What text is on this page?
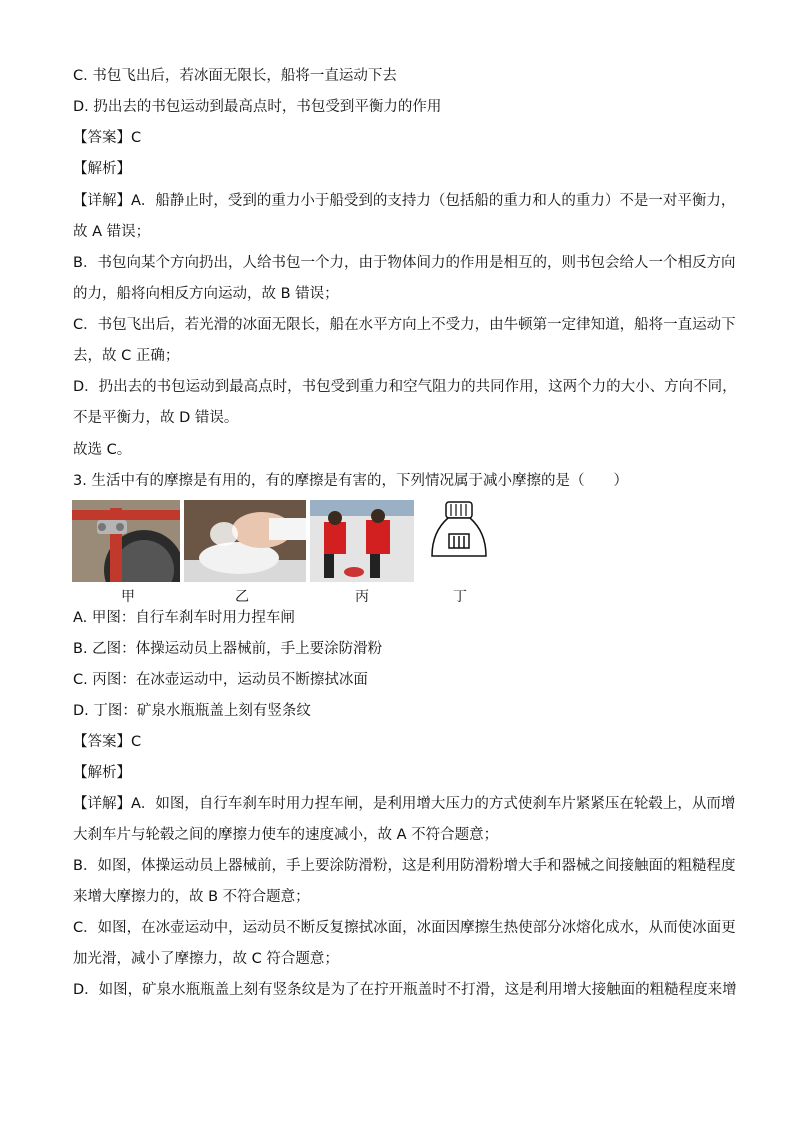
C. 书包飞出后，若冰面无限长，船将一直运动下去
D. 扔出去的书包运动到最高点时，书包受到平衡力的作用
【答案】C
【解析】
【详解】A．船静止时，受到的重力小于船受到的支持力（包括船的重力和人的重力）不是一对平衡力，
故 A 错误；
B．书包向某个方向扔出，人给书包一个力，由于物体间力的作用是相互的，则书包会给人一个相反方向
的力，船将向相反方向运动，故 B 错误；
C．书包飞出后，若光滑的冰面无限长，船在水平方向上不受力，由牛顿第一定律知道，船将一直运动下
去，故 C 正确；
D．扔出去的书包运动到最高点时，书包受到重力和空气阻力的共同作用，这两个力的大小、方向不同，
不是平衡力，故 D 错误。
故选 C。
3. 生活中有的摩擦是有用的，有的摩擦是有害的，下列情况属于减小摩擦的是（　　）
甲	乙	丙	丁
A. 甲图：自行车刹车时用力捏车闸
B. 乙图：体操运动员上器械前，手上要涂防滑粉
C. 丙图：在冰壶运动中，运动员不断擦拭冰面
D. 丁图：矿泉水瓶瓶盖上刻有竖条纹
【答案】C
【解析】
【详解】A．如图，自行车刹车时用力捏车闸，是利用增大压力的方式使刹车片紧紧压在轮毂上，从而增
大刹车片与轮毂之间的摩擦力使车的速度减小，故 A 不符合题意；
B．如图，体操运动员上器械前，手上要涂防滑粉，这是利用防滑粉增大手和器械之间接触面的粗糙程度
来增大摩擦力的，故 B 不符合题意；
C．如图，在冰壶运动中，运动员不断反复擦拭冰面，冰面因摩擦生热使部分冰熔化成水，从而使冰面更
加光滑，减小了摩擦力，故 C 符合题意；
D．如图，矿泉水瓶瓶盖上刻有竖条纹是为了在拧开瓶盖时不打滑，这是利用增大接触面的粗糙程度来增
